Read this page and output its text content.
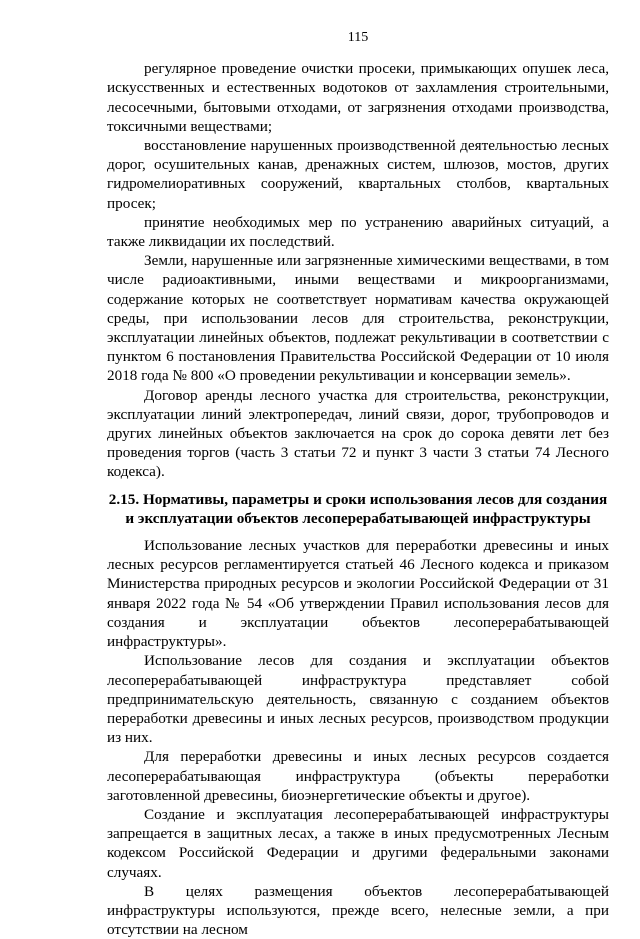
115

регулярное проведение очистки просеки, примыкающих опушек леса, искусственных и естественных водотоков от захламления строительными, лесосечными, бытовыми отходами, от загрязнения отходами производства, токсичными веществами;

восстановление нарушенных производственной деятельностью лесных дорог, осушительных канав, дренажных систем, шлюзов, мостов, других гидромелиоративных сооружений, квартальных столбов, квартальных просек;

принятие необходимых мер по устранению аварийных ситуаций, а также ликвидации их последствий.

Земли, нарушенные или загрязненные химическими веществами, в том числе радиоактивными, иными веществами и микроорганизмами, содержание которых не соответствует нормативам качества окружающей среды, при использовании лесов для строительства, реконструкции, эксплуатации линейных объектов, подлежат рекультивации в соответствии с пунктом 6 постановления Правительства Российской Федерации от 10 июля 2018 года № 800 «О проведении рекультивации и консервации земель».

Договор аренды лесного участка для строительства, реконструкции, эксплуатации линий электропередач, линий связи, дорог, трубопроводов и других линейных объектов заключается на срок до сорока девяти лет без проведения торгов (часть 3 статьи 72 и пункт 3 части 3 статьи 74 Лесного кодекса).

2.15. Нормативы, параметры и сроки использования лесов для создания и эксплуатации объектов лесоперерабатывающей инфраструктуры

Использование лесных участков для переработки древесины и иных лесных ресурсов регламентируется статьей 46 Лесного кодекса и приказом Министерства природных ресурсов и экологии Российской Федерации от 31 января 2022 года № 54 «Об утверждении Правил использования лесов для создания и эксплуатации объектов лесоперерабатывающей инфраструктуры».

Использование лесов для создания и эксплуатации объектов лесоперерабатывающей инфраструктура представляет собой предпринимательскую деятельность, связанную с созданием объектов переработки древесины и иных лесных ресурсов, производством продукции из них.

Для переработки древесины и иных лесных ресурсов создается лесоперерабатывающая инфраструктура (объекты переработки заготовленной древесины, биоэнергетические объекты и другое).

Создание и эксплуатация лесоперерабатывающей инфраструктуры запрещается в защитных лесах, а также в иных предусмотренных Лесным кодексом Российской Федерации и другими федеральными законами случаях.

В целях размещения объектов лесоперерабатывающей инфраструктуры используются, прежде всего, нелесные земли, а при отсутствии на лесном
